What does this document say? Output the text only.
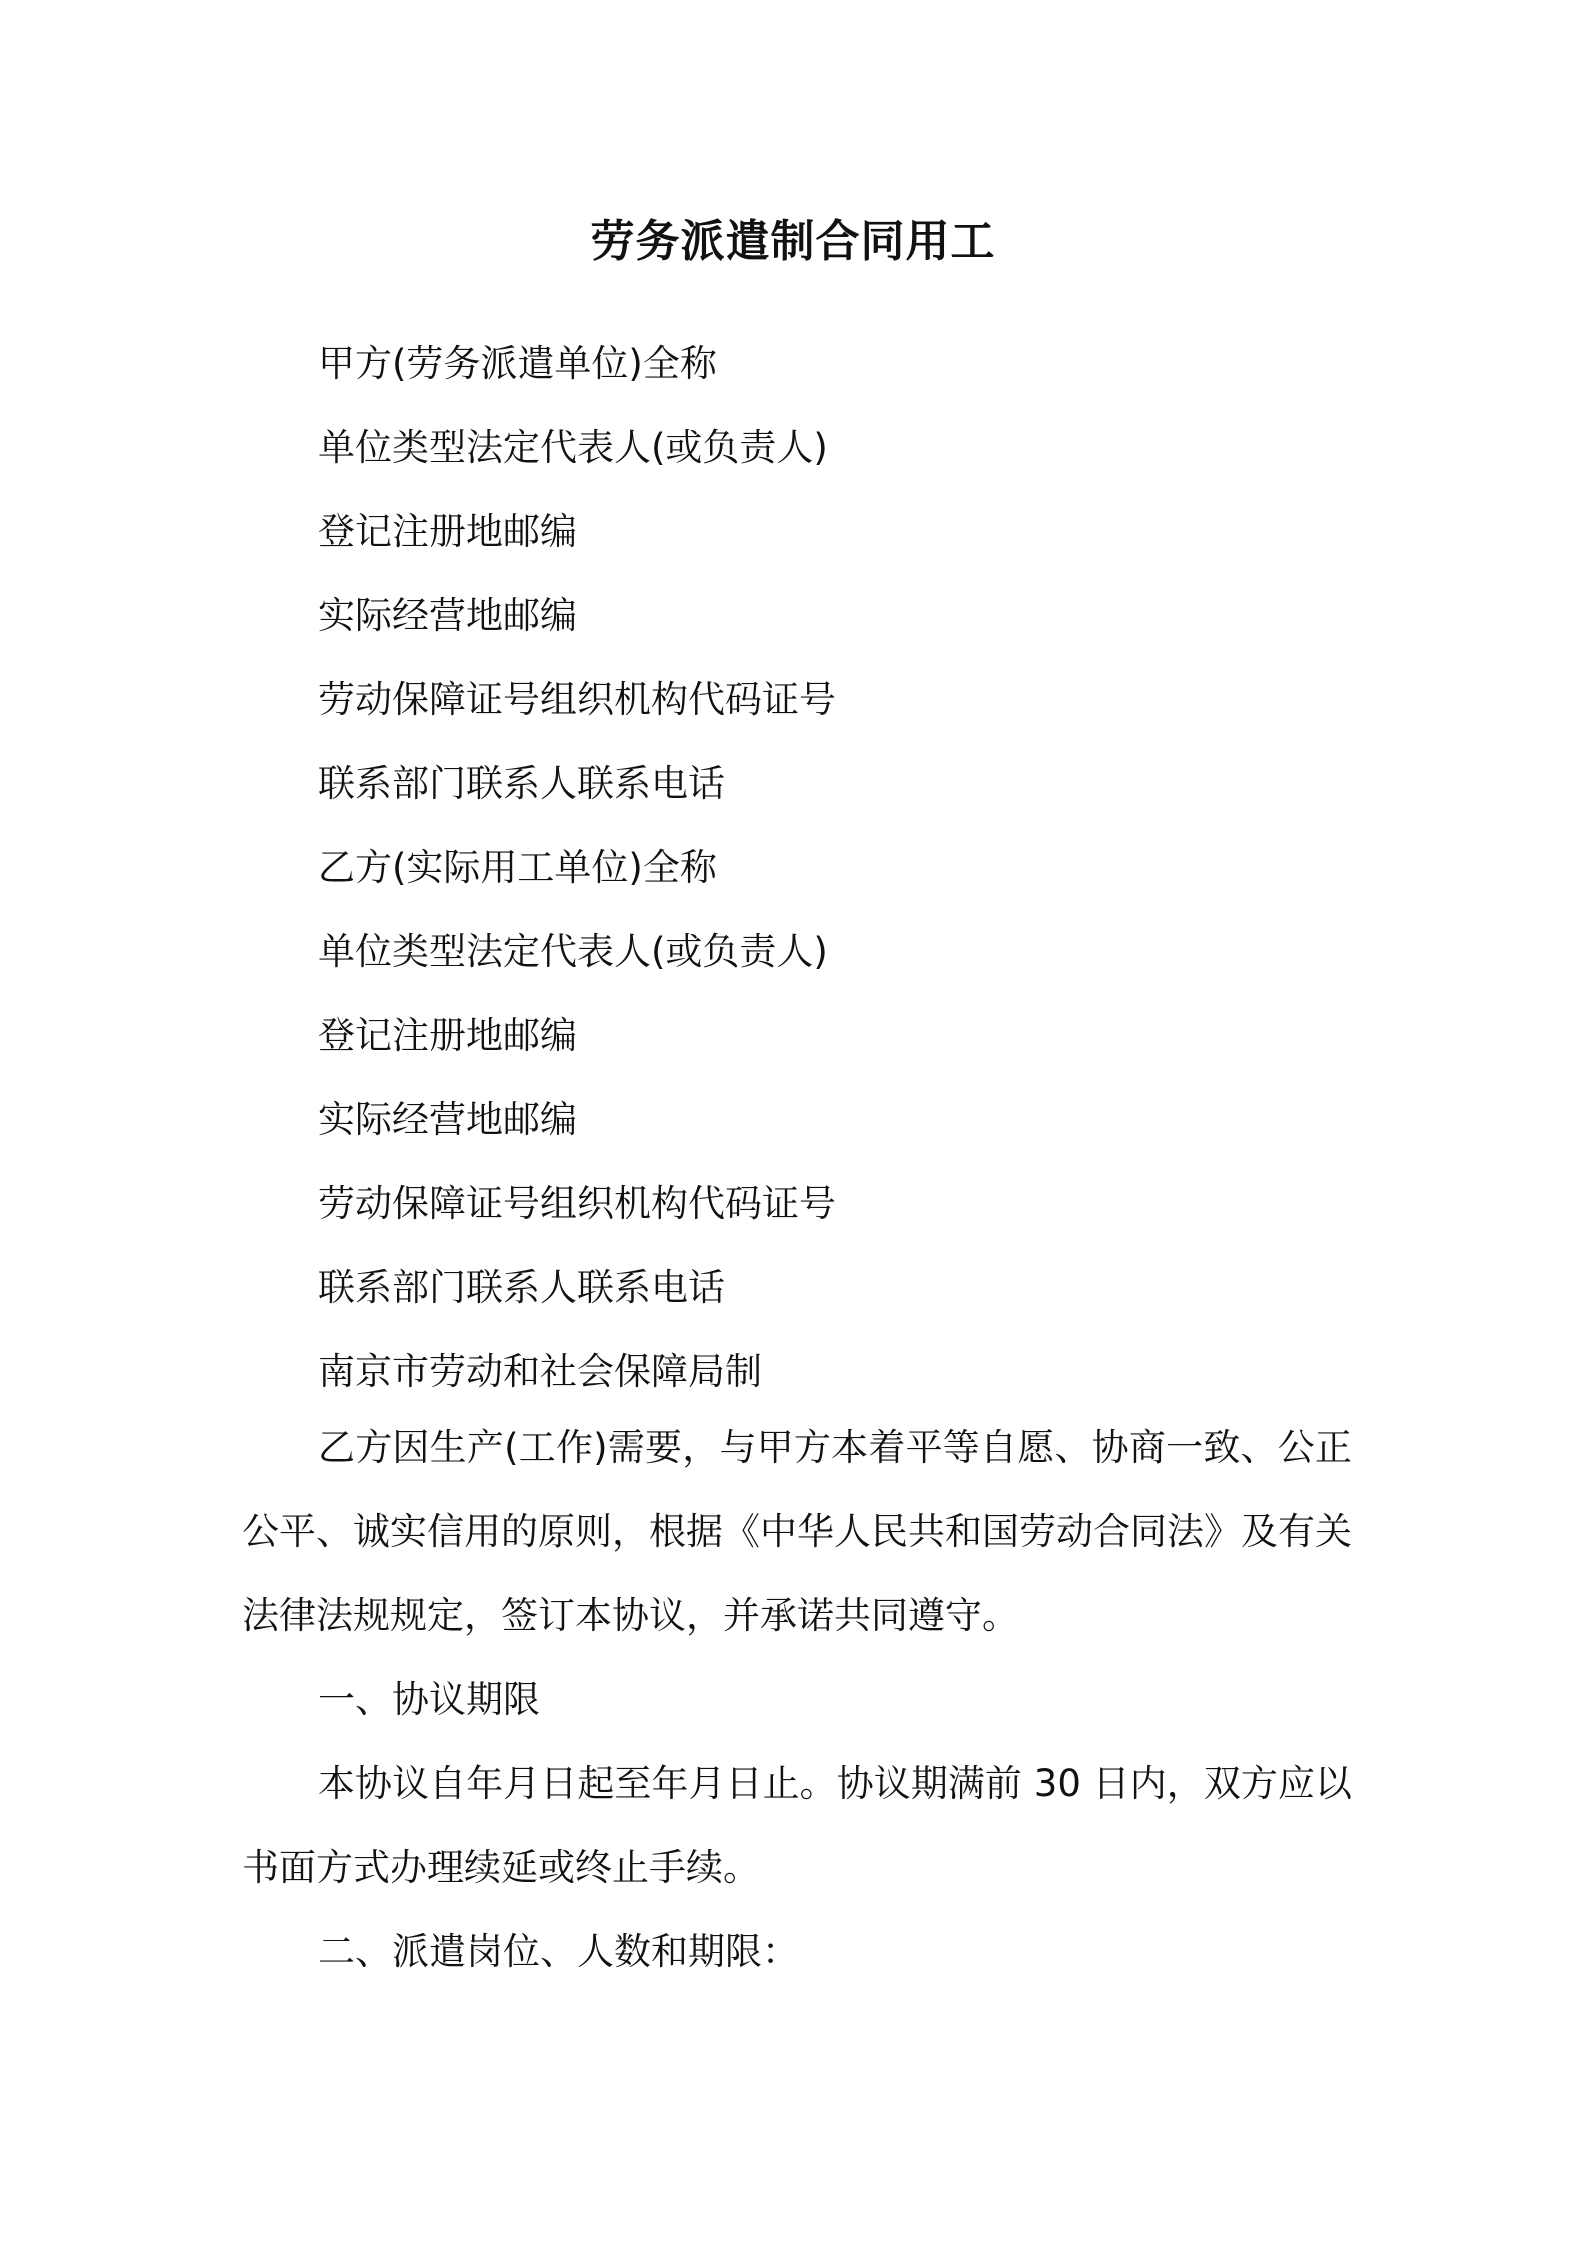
劳务派遣制合同用工
甲方(劳务派遣单位)全称
单位类型法定代表人(或负责人)
登记注册地邮编
实际经营地邮编
劳动保障证号组织机构代码证号
联系部门联系人联系电话
乙方(实际用工单位)全称
单位类型法定代表人(或负责人)
登记注册地邮编
实际经营地邮编
劳动保障证号组织机构代码证号
联系部门联系人联系电话
南京市劳动和社会保障局制

乙方因生产(工作)需要，与甲方本着平等自愿、协商一致、公正公平、诚实信用的原则，根据《中华人民共和国劳动合同法》及有关法律法规规定，签订本协议，并承诺共同遵守。

一、协议期限

本协议自年月日起至年月日止。协议期满前 30 日内，双方应以书面方式办理续延或终止手续。

二、派遣岗位、人数和期限：
